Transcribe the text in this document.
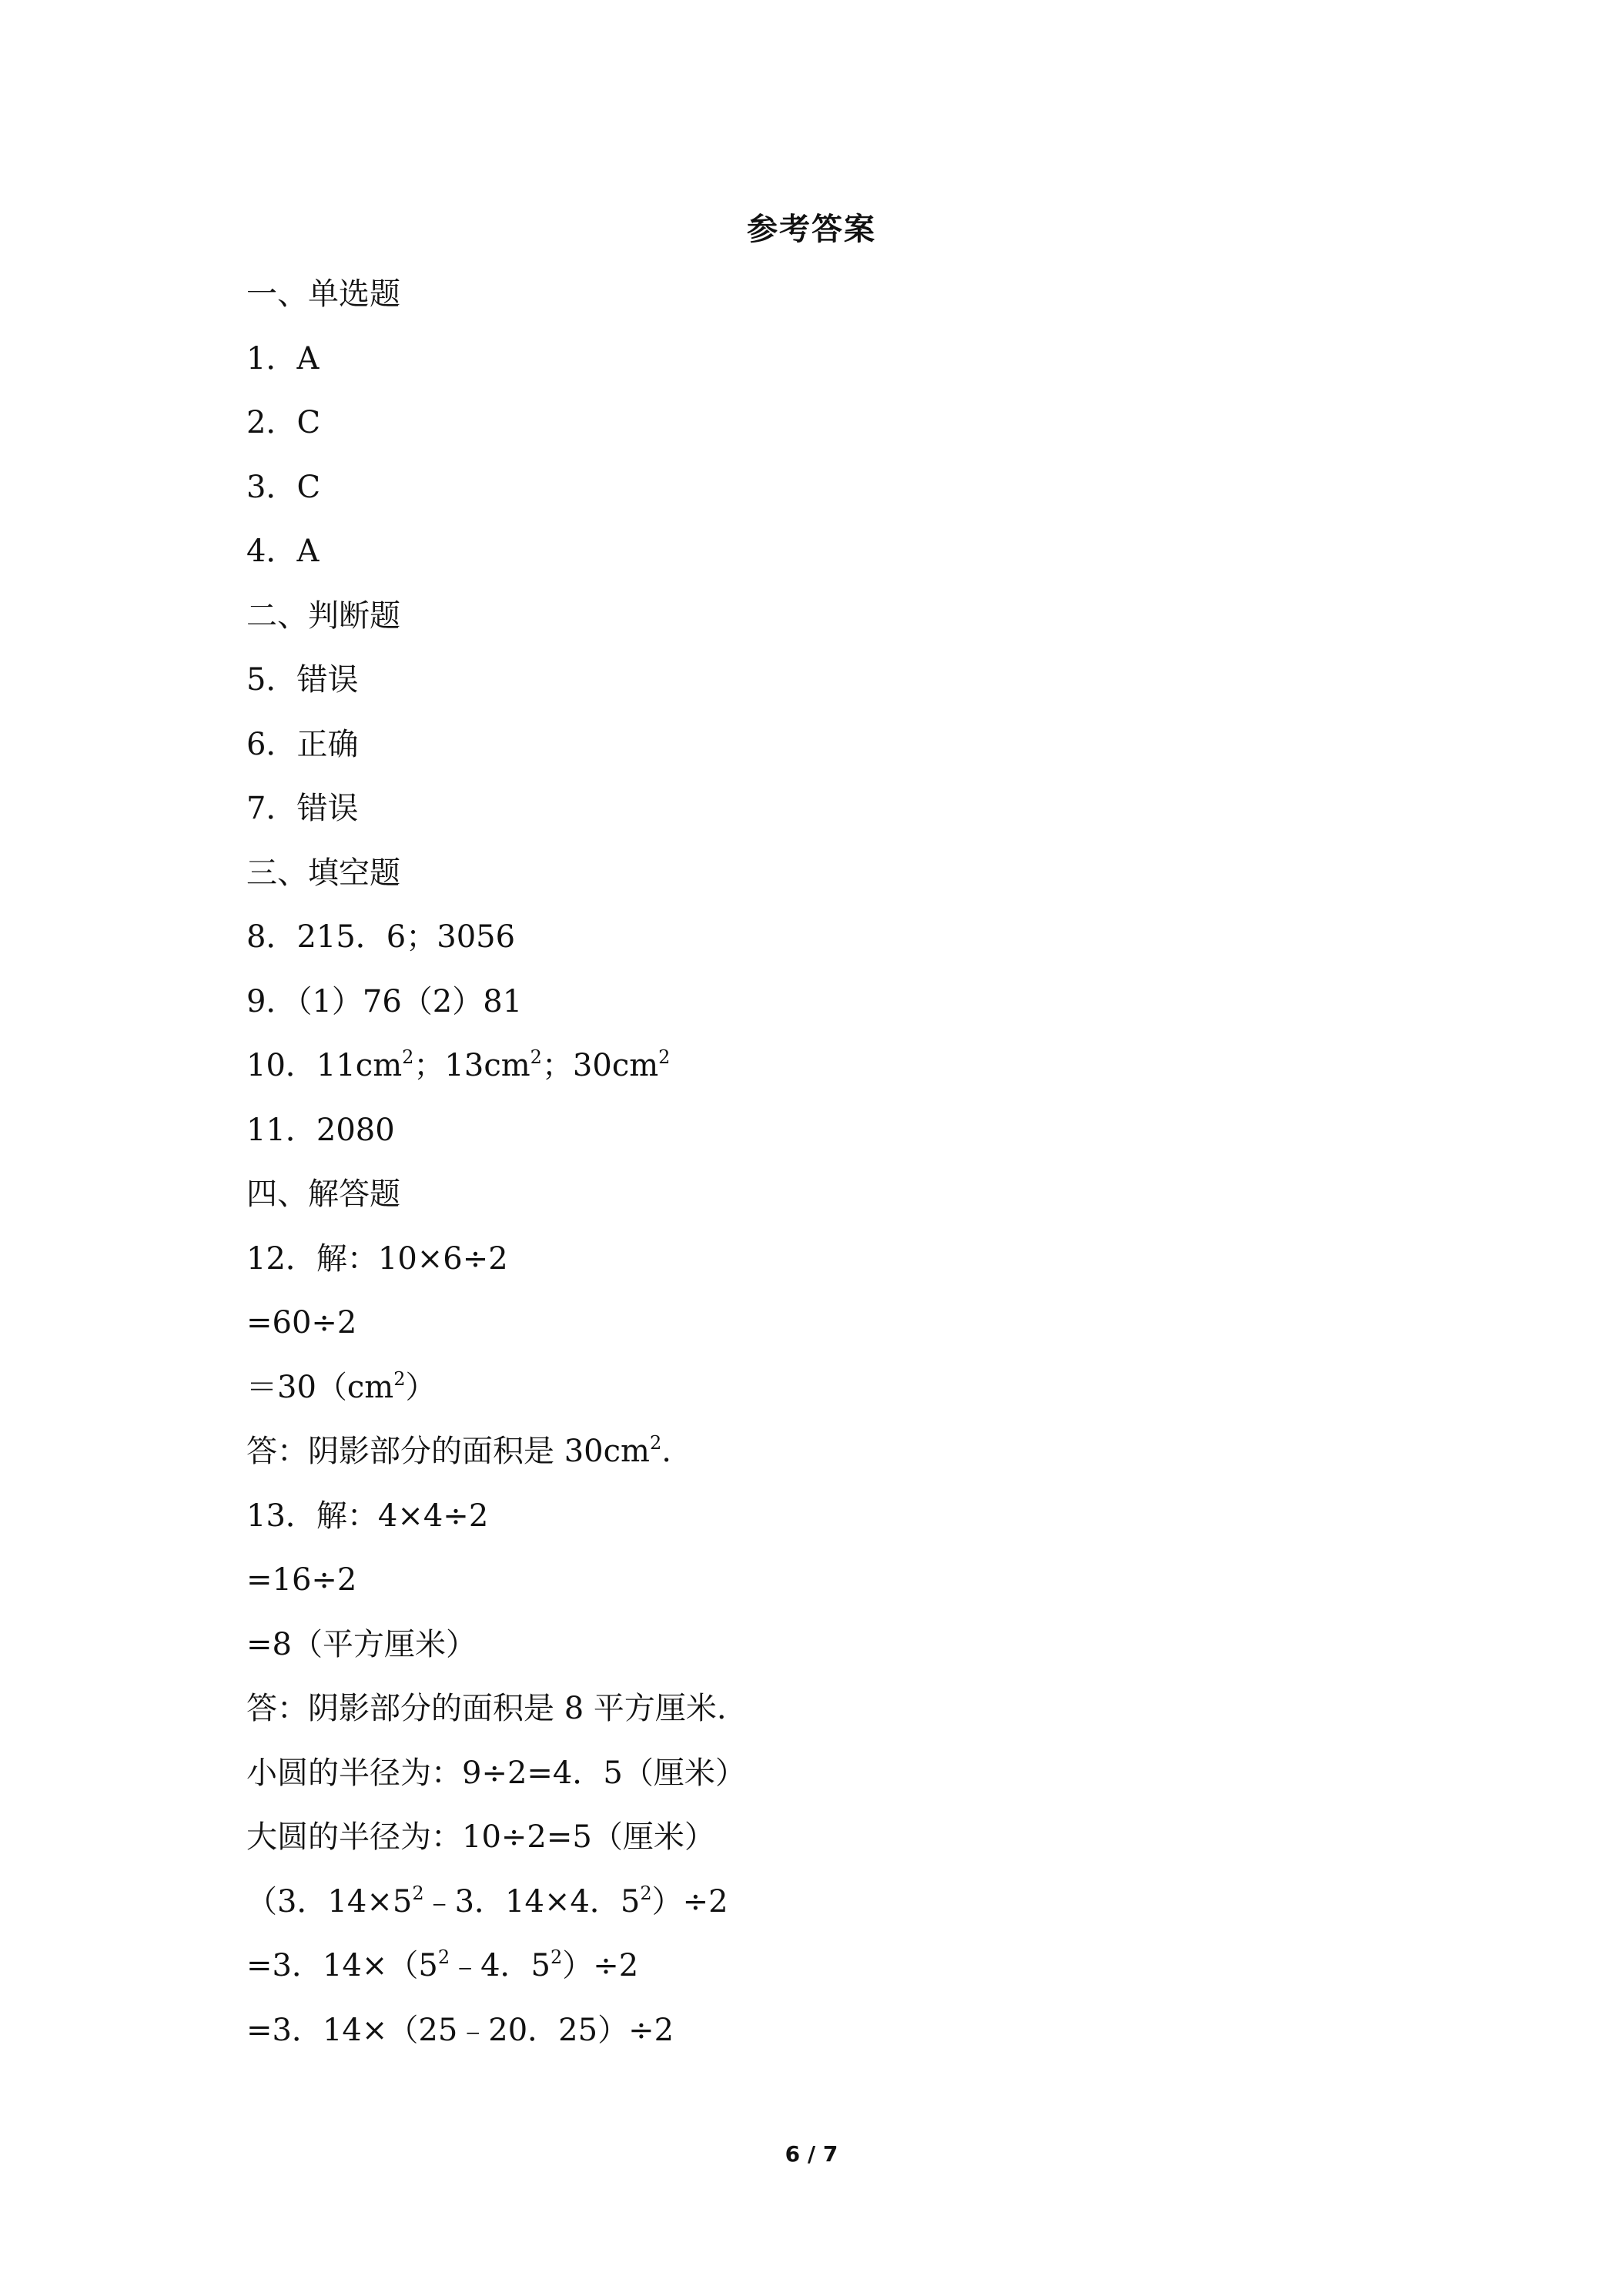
参考答案
一、单选题
1．A
2．C
3．C
4．A
二、判断题
5．错误
6．正确
7．错误
三、填空题
8．215．6；3056
9．（1）76（2）81
10．$11cm^2$；$13cm^2$；$30cm^2$
11．2080
四、解答题
12．解：10×6÷2
=60÷2
$=30(cm^2)$
答：阴影部分的面积是 $30cm^2$.
13．解：4×4÷2
=16÷2
=8（平方厘米）
答：阴影部分的面积是 8 平方厘米.
小圆的半径为：9÷2=4．5（厘米）
大圆的半径为：10÷2=5（厘米）
（3．$14\times 5^2﹣3$．14×4．$5^2)\div 2$
=3．$14\times(5^2﹣4$．$5^2)\div 2$
=3．14×（25﹣20．25）÷2
6 / 7
